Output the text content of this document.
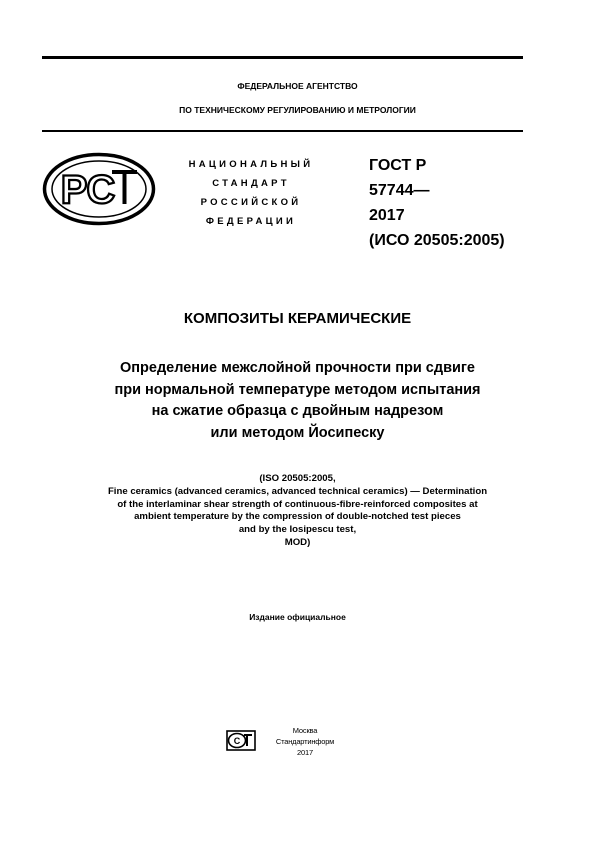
ФЕДЕРАЛЬНОЕ АГЕНТСТВО
ПО ТЕХНИЧЕСКОМУ РЕГУЛИРОВАНИЮ И МЕТРОЛОГИИ
РС
НАЦИОНАЛЬНЫЙ
СТАНДАРТ
РОССИЙСКОЙ
ФЕДЕРАЦИИ
ГОСТ Р
57744—
2017
(ИСО 20505:2005)
КОМПОЗИТЫ КЕРАМИЧЕСКИЕ
Определение межслойной прочности при сдвиге
при нормальной температуре методом испытания
на сжатие образца с двойным надрезом
или методом Йосипеску
(ISO 20505:2005,
Fine ceramics (advanced ceramics, advanced technical ceramics) — Determination
of the interlaminar shear strength of continuous-fibre-reinforced composites at
ambient temperature by the compression of double-notched test pieces
and by the Iosipescu test,
MOD)
Издание официальное
С
Москва
Стандартинформ
2017
